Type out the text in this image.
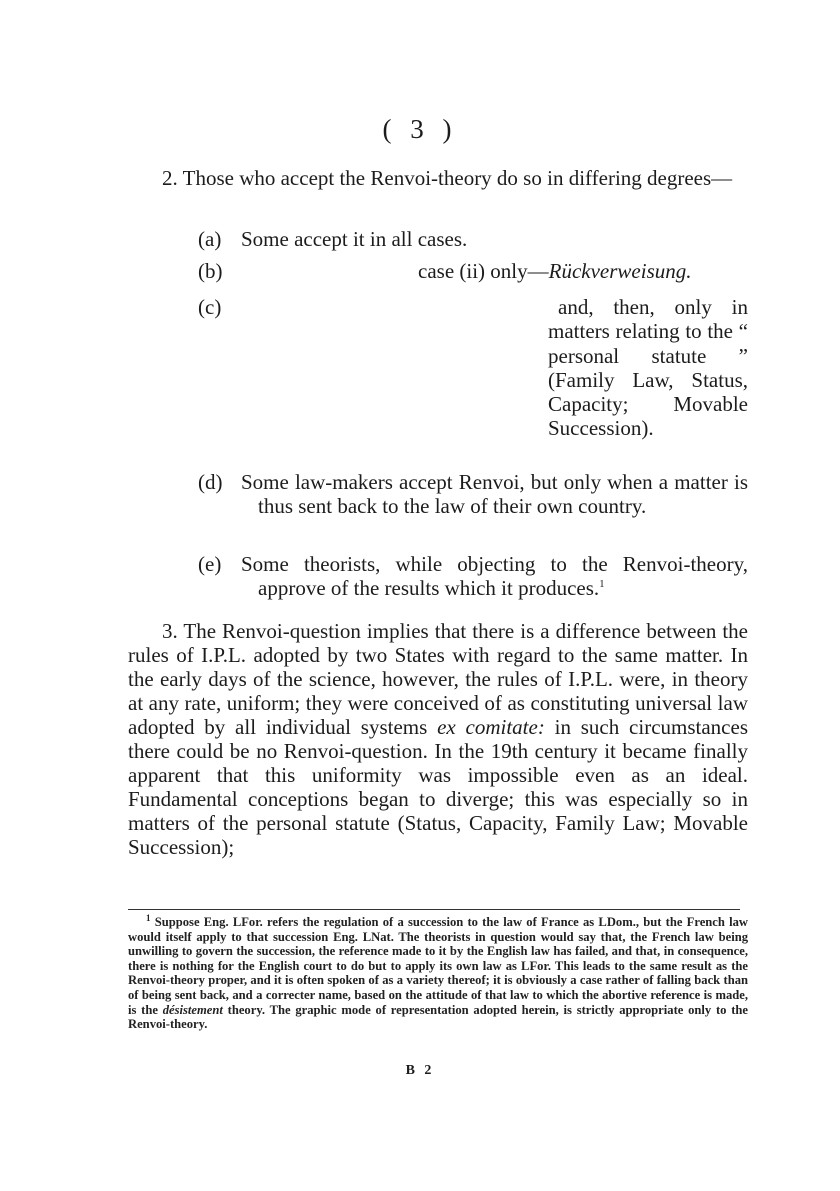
( 3 )
2. Those who accept the Renvoi-theory do so in differing degrees—
(a) Some accept it in all cases.
(b)	case (ii) only—Rückverweisung.
(c)	and, then, only in matters relating to the “ personal statute ” (Family Law, Status, Capacity; Movable Succession).
(d) Some law-makers accept Renvoi, but only when a matter is thus sent back to the law of their own country.
(e) Some theorists, while objecting to the Renvoi-theory, approve of the results which it produces.$^1$
3. The Renvoi-question implies that there is a difference between the rules of I.P.L. adopted by two States with regard to the same matter. In the early days of the science, however, the rules of I.P.L. were, in theory at any rate, uniform; they were conceived of as constituting universal law adopted by all individual systems ex comitate: in such circumstances there could be no Renvoi-question. In the 19th century it became finally apparent that this uniformity was impossible even as an ideal. Fundamental conceptions began to diverge; this was especially so in matters of the personal statute (Status, Capacity, Family Law; Movable Succession);
$^1$ Suppose Eng. LFor. refers the regulation of a succession to the law of France as LDom., but the French law would itself apply to that succession Eng. LNat. The theorists in question would say that, the French law being unwilling to govern the succession, the reference made to it by the English law has failed, and that, in consequence, there is nothing for the English court to do but to apply its own law as LFor. This leads to the same result as the Renvoi-theory proper, and it is often spoken of as a variety thereof; it is obviously a case rather of falling back than of being sent back, and a correcter name, based on the attitude of that law to which the abortive reference is made, is the désistement theory. The graphic mode of representation adopted herein, is strictly appropriate only to the Renvoi-theory.
B 2
